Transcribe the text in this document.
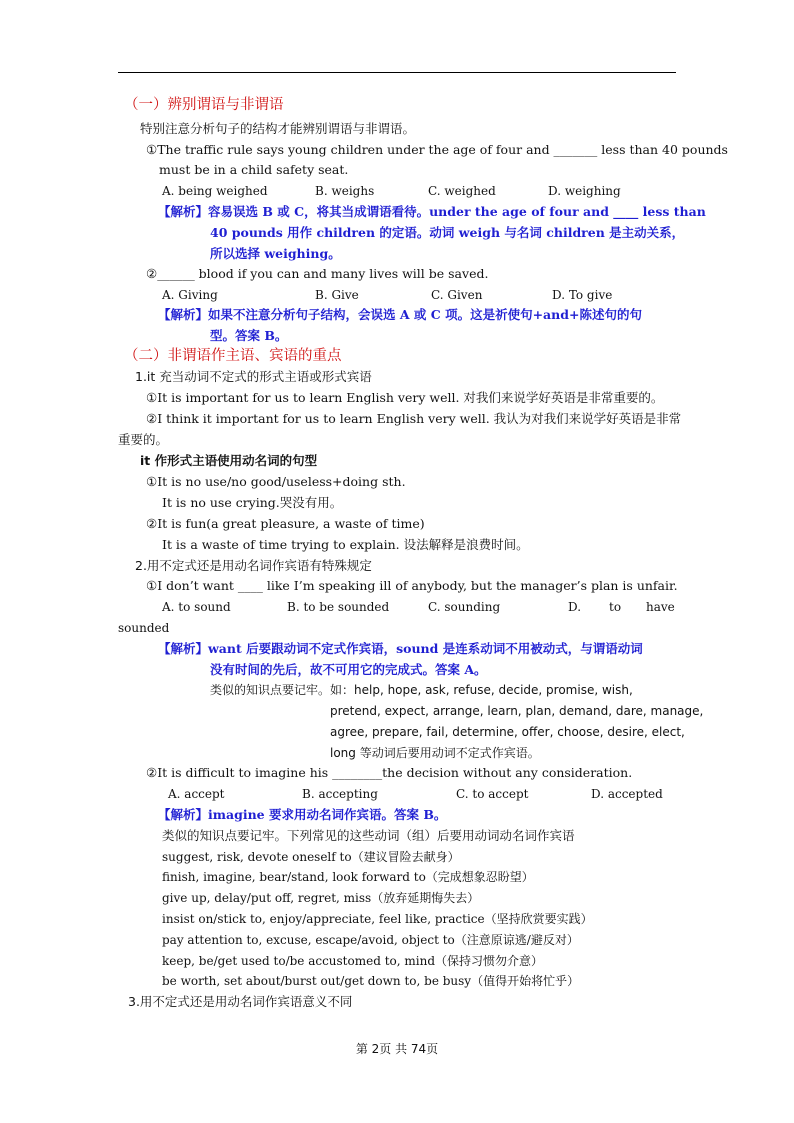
（一）辨别谓语与非谓语
特别注意分析句子的结构才能辨别谓语与非谓语。
①The traffic rule says young children under the age of four and _______ less than 40 pounds
must be in a child safety seat.
A. being weighed	B. weighs	C. weighed	D. weighing
【解析】容易误选 B 或 C，将其当成谓语看待。under the age of four and ____ less than
40 pounds 用作 children 的定语。动词 weigh 与名词 children 是主动关系，
所以选择 weighing。
②______ blood if you can and many lives will be saved.
A. Giving	B. Give	C. Given	D. To give
【解析】如果不注意分析句子结构，会误选 A 或 C 项。这是祈使句+and+陈述句的句
型。答案 B。
（二）非谓语作主语、宾语的重点
1.it 充当动词不定式的形式主语或形式宾语
①It is important for us to learn English very well. 对我们来说学好英语是非常重要的。
②I think it important for us to learn English very well. 我认为对我们来说学好英语是非常
重要的。
it 作形式主语使用动名词的句型
①It is no use/no good/useless+doing sth.
It is no use crying.哭没有用。
②It is fun(a great pleasure, a waste of time)
It is a waste of time trying to explain. 设法解释是浪费时间。
2.用不定式还是用动名词作宾语有特殊规定
①I don’t want ____ like I’m speaking ill of anybody, but the manager’s plan is unfair.
A. to sound	B. to be sounded	C. sounding	D. to have
sounded
【解析】want 后要跟动词不定式作宾语，sound 是连系动词不用被动式，与谓语动词
没有时间的先后，故不可用它的完成式。答案 A。
类似的知识点要记牢。如：help, hope, ask, refuse, decide, promise, wish,
pretend, expect, arrange, learn, plan, demand, dare, manage,
agree, prepare, fail, determine, offer, choose, desire, elect,
long 等动词后要用动词不定式作宾语。
②It is difficult to imagine his ________the decision without any consideration.
A. accept	B. accepting	C. to accept	D. accepted
【解析】imagine 要求用动名词作宾语。答案 B。
类似的知识点要记牢。下列常见的这些动词（组）后要用动词动名词作宾语
suggest, risk, devote oneself to（建议冒险去献身）
finish, imagine, bear/stand, look forward to（完成想象忍盼望）
give up, delay/put off, regret, miss（放弃延期悔失去）
insist on/stick to, enjoy/appreciate, feel like, practice（坚持欣赏要实践）
pay attention to, excuse, escape/avoid, object to（注意原谅逃/避反对）
keep, be/get used to/be accustomed to, mind（保持习惯勿介意）
be worth, set about/burst out/get down to, be busy（值得开始将忙乎）
3.用不定式还是用动名词作宾语意义不同
第 2页 共 74页
